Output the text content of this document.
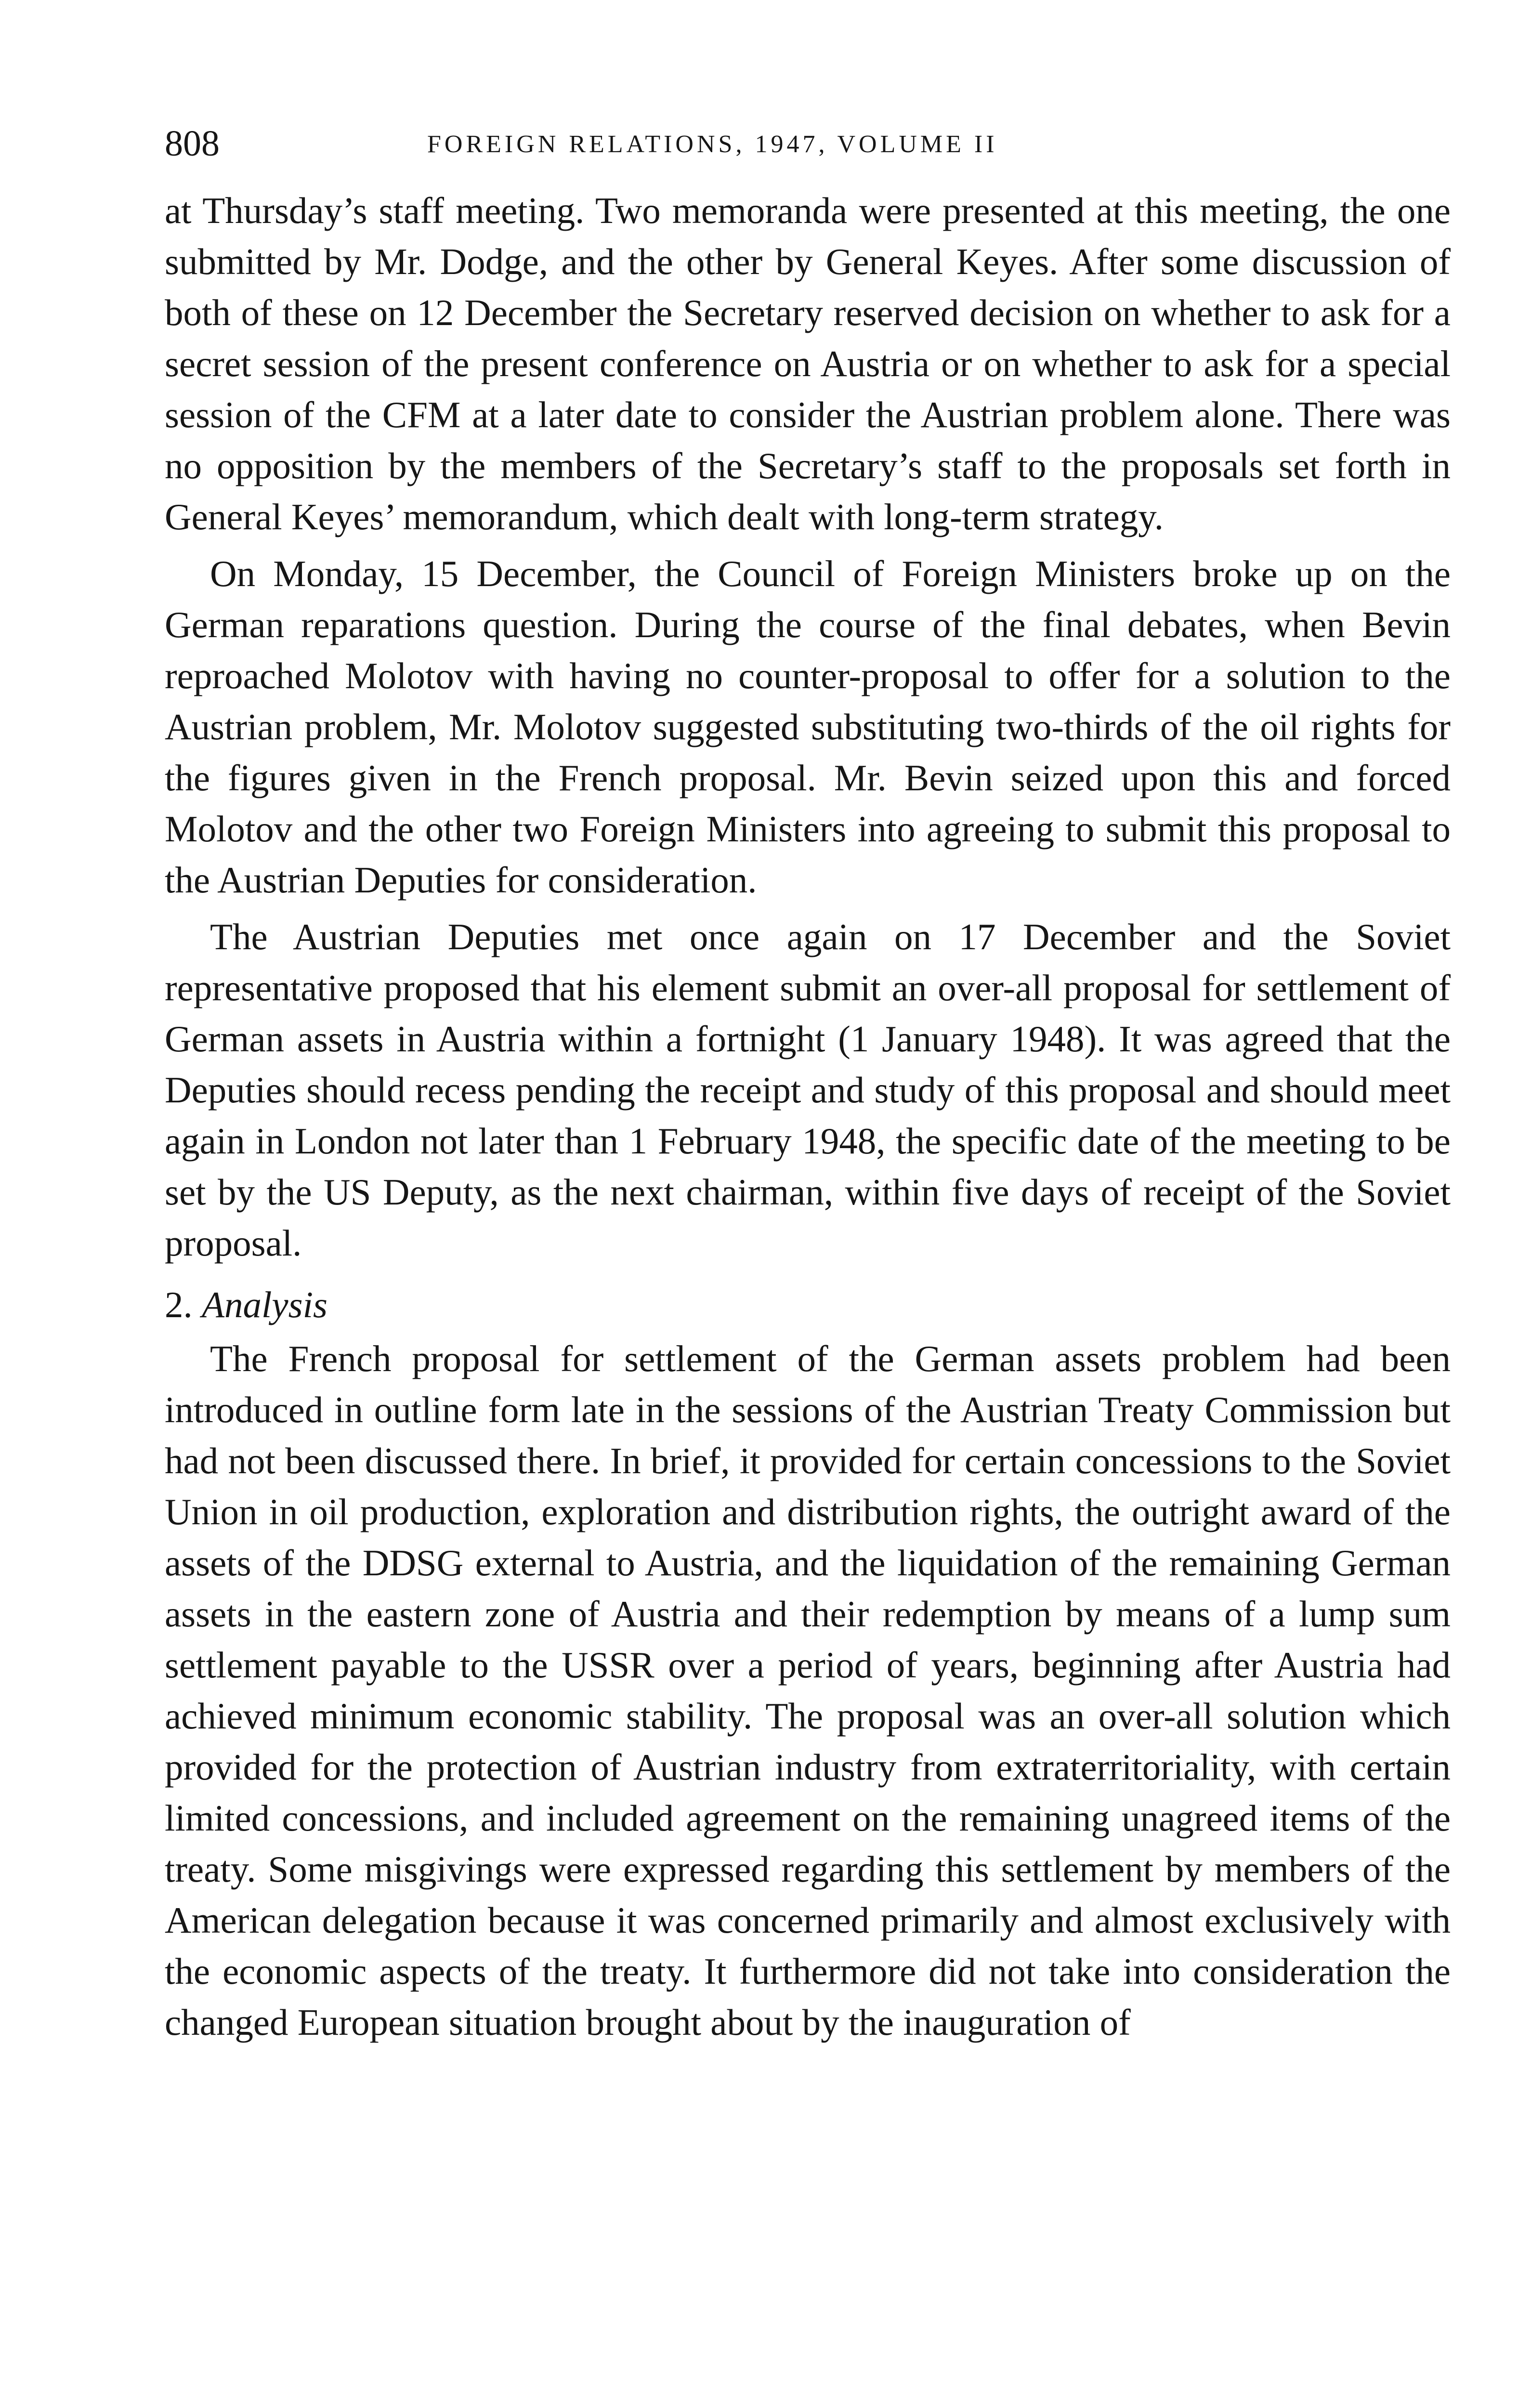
808	FOREIGN RELATIONS, 1947, VOLUME II

at Thursday’s staff meeting. Two memoranda were presented at this meeting, the one submitted by Mr. Dodge, and the other by General Keyes. After some discussion of both of these on 12 December the Secretary reserved decision on whether to ask for a secret session of the present conference on Austria or on whether to ask for a special session of the CFM at a later date to consider the Austrian problem alone. There was no opposition by the members of the Secretary’s staff to the proposals set forth in General Keyes’ memorandum, which dealt with long-term strategy.

On Monday, 15 December, the Council of Foreign Ministers broke up on the German reparations question. During the course of the final debates, when Bevin reproached Molotov with having no counter-proposal to offer for a solution to the Austrian problem, Mr. Molotov suggested substituting two-thirds of the oil rights for the figures given in the French proposal. Mr. Bevin seized upon this and forced Molotov and the other two Foreign Ministers into agreeing to submit this proposal to the Austrian Deputies for consideration.

The Austrian Deputies met once again on 17 December and the Soviet representative proposed that his element submit an over-all proposal for settlement of German assets in Austria within a fortnight (1 January 1948). It was agreed that the Deputies should recess pending the receipt and study of this proposal and should meet again in London not later than 1 February 1948, the specific date of the meeting to be set by the US Deputy, as the next chairman, within five days of receipt of the Soviet proposal.

2. Analysis

The French proposal for settlement of the German assets problem had been introduced in outline form late in the sessions of the Austrian Treaty Commission but had not been discussed there. In brief, it provided for certain concessions to the Soviet Union in oil production, exploration and distribution rights, the outright award of the assets of the DDSG external to Austria, and the liquidation of the remaining German assets in the eastern zone of Austria and their redemption by means of a lump sum settlement payable to the USSR over a period of years, beginning after Austria had achieved minimum economic stability. The proposal was an over-all solution which provided for the protection of Austrian industry from extraterritoriality, with certain limited concessions, and included agreement on the remaining unagreed items of the treaty. Some misgivings were expressed regarding this settlement by members of the American delegation because it was concerned primarily and almost exclusively with the economic aspects of the treaty. It furthermore did not take into consideration the changed European situation brought about by the inauguration of
